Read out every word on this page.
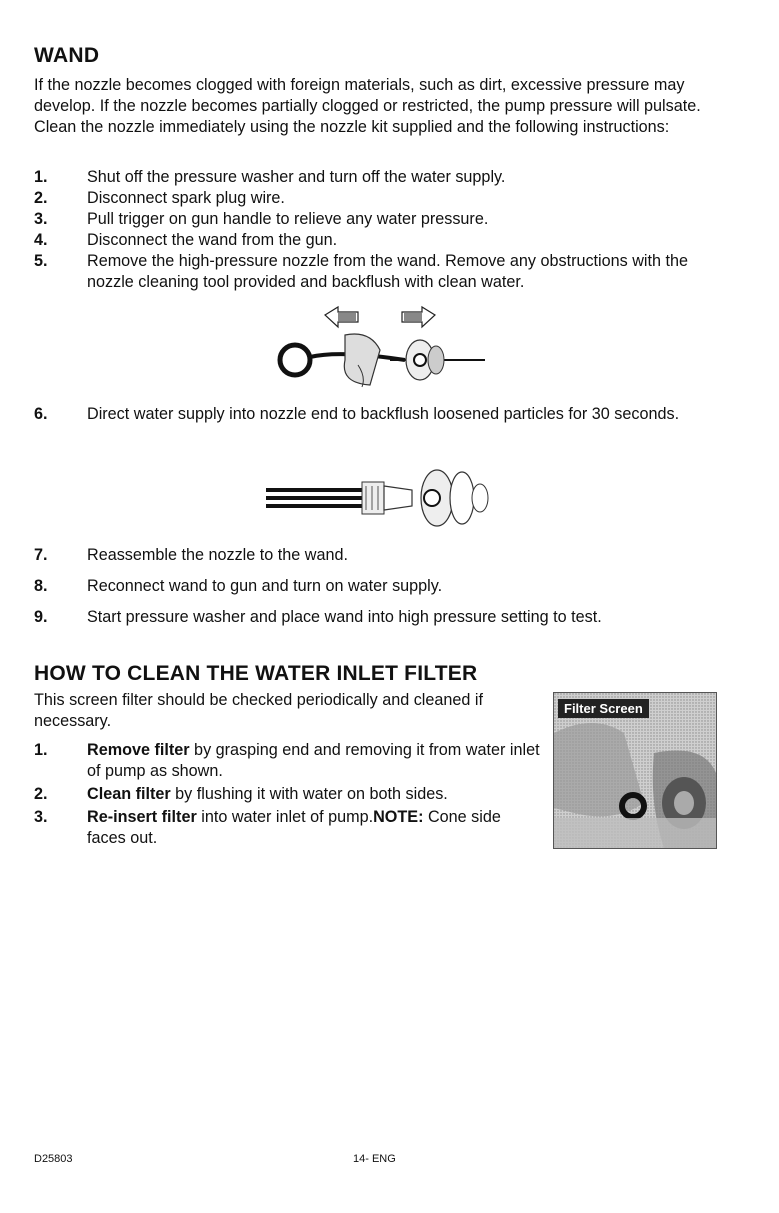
WAND
If the nozzle becomes clogged with foreign materials, such as dirt, excessive pressure may develop. If the nozzle becomes partially clogged or restricted, the pump pressure will pulsate. Clean the nozzle immediately using the nozzle kit supplied and the following instructions:
1. Shut off the pressure washer and turn off the water supply.
2. Disconnect spark plug wire.
3. Pull trigger on gun handle to relieve any water pressure.
4. Disconnect the wand from the gun.
5. Remove the high-pressure nozzle from the wand. Remove any obstructions with the nozzle cleaning tool provided and backflush with clean water.
6. Direct water supply into nozzle end to backflush loosened particles for 30 seconds.
7. Reassemble the nozzle to the wand.
8. Reconnect wand to gun and turn on water supply.
9. Start pressure washer and place wand into high pressure setting to test.
HOW TO CLEAN THE WATER INLET FILTER
This screen filter should be checked periodically and cleaned if necessary.
1. Remove filter by grasping end and removing it from water inlet of pump as shown.
2. Clean filter by flushing it with water on both sides.
3. Re-insert filter into water inlet of pump.NOTE: Cone side faces out.
Filter Screen
D25803	14- ENG
